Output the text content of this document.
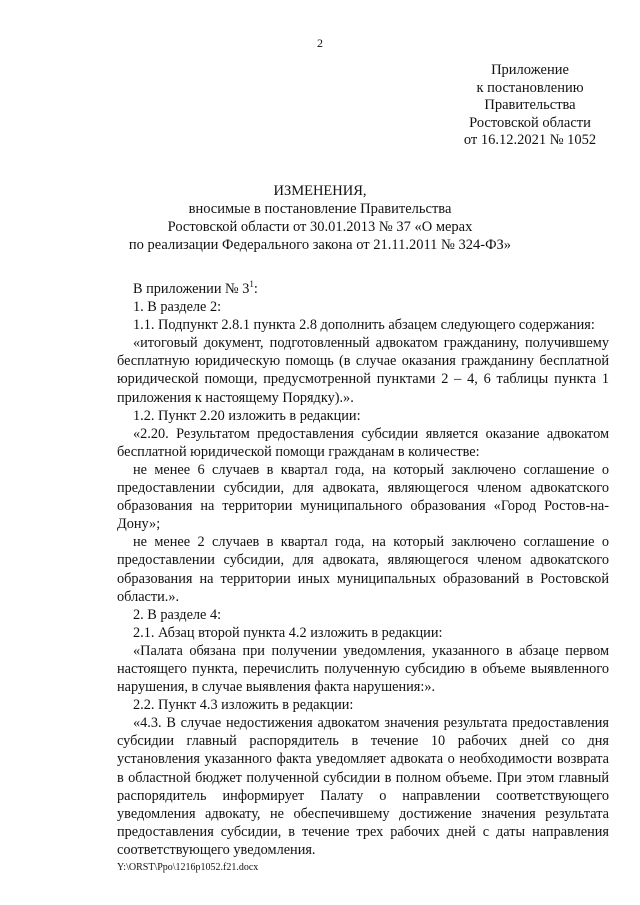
2
Приложение
к постановлению
Правительства
Ростовской области
от 16.12.2021 № 1052
ИЗМЕНЕНИЯ,
вносимые в постановление Правительства
Ростовской области от 30.01.2013 № 37 «О мерах
по реализации Федерального закона от 21.11.2011 № 324-ФЗ»

В приложении № $3^1$:

1. В разделе 2:

1.1. Подпункт 2.8.1 пункта 2.8 дополнить абзацем следующего содержания:

«итоговый документ, подготовленный адвокатом гражданину, получившему бесплатную юридическую помощь (в случае оказания гражданину бесплатной юридической помощи, предусмотренной пунктами 2 – 4, 6 таблицы пункта 1 приложения к настоящему Порядку).».

1.2. Пункт 2.20 изложить в редакции:

«2.20. Результатом предоставления субсидии является оказание адвокатом бесплатной юридической помощи гражданам в количестве:

не менее 6 случаев в квартал года, на который заключено соглашение о предоставлении субсидии, для адвоката, являющегося членом адвокатского образования на территории муниципального образования «Город Ростов-на-Дону»;

не менее 2 случаев в квартал года, на который заключено соглашение о предоставлении субсидии, для адвоката, являющегося членом адвокатского образования на территории иных муниципальных образований в Ростовской области.».

2. В разделе 4:

2.1. Абзац второй пункта 4.2 изложить в редакции:

«Палата обязана при получении уведомления, указанного в абзаце первом настоящего пункта, перечислить полученную субсидию в объеме выявленного нарушения, в случае выявления факта нарушения:».

2.2. Пункт 4.3 изложить в редакции:

«4.3. В случае недостижения адвокатом значения результата предоставления субсидии главный распорядитель в течение 10 рабочих дней со дня установления указанного факта уведомляет адвоката о необходимости возврата в областной бюджет полученной субсидии в полном объеме. При этом главный распорядитель информирует Палату о направлении соответствующего уведомления адвокату, не обеспечившему достижение значения результата предоставления субсидии, в течение трех рабочих дней с даты направления соответствующего уведомления.

Y:\ORST\Ppo\1216p1052.f21.docx
